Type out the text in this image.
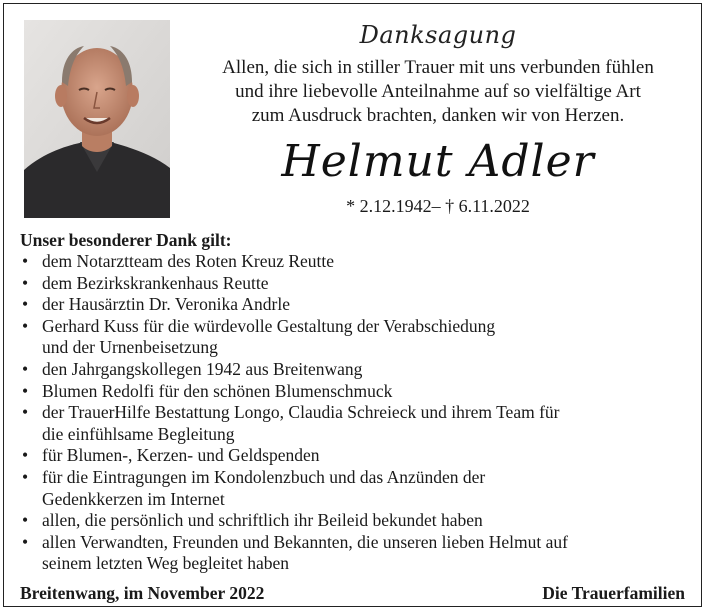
Danksagung
Allen, die sich in stiller Trauer mit uns verbunden fühlen
und ihre liebevolle Anteilnahme auf so vielfältige Art
zum Ausdruck brachten, danken wir von Herzen.
Helmut Adler
* 2.12.1942– † 6.11.2022
Unser besonderer Dank gilt:
• dem Notarztteam des Roten Kreuz Reutte
• dem Bezirkskrankenhaus Reutte
• der Hausärztin Dr. Veronika Andrle
• Gerhard Kuss für die würdevolle Gestaltung der Verabschiedung
und der Urnenbeisetzung
• den Jahrgangskollegen 1942 aus Breitenwang
• Blumen Redolfi für den schönen Blumenschmuck
• der TrauerHilfe Bestattung Longo, Claudia Schreieck und ihrem Team für
die einfühlsame Begleitung
• für Blumen-, Kerzen- und Geldspenden
• für die Eintragungen im Kondolenzbuch und das Anzünden der
Gedenkkerzen im Internet
• allen, die persönlich und schriftlich ihr Beileid bekundet haben
• allen Verwandten, Freunden und Bekannten, die unseren lieben Helmut auf
seinem letzten Weg begleitet haben
Breitenwang, im November 2022	Die Trauerfamilien
